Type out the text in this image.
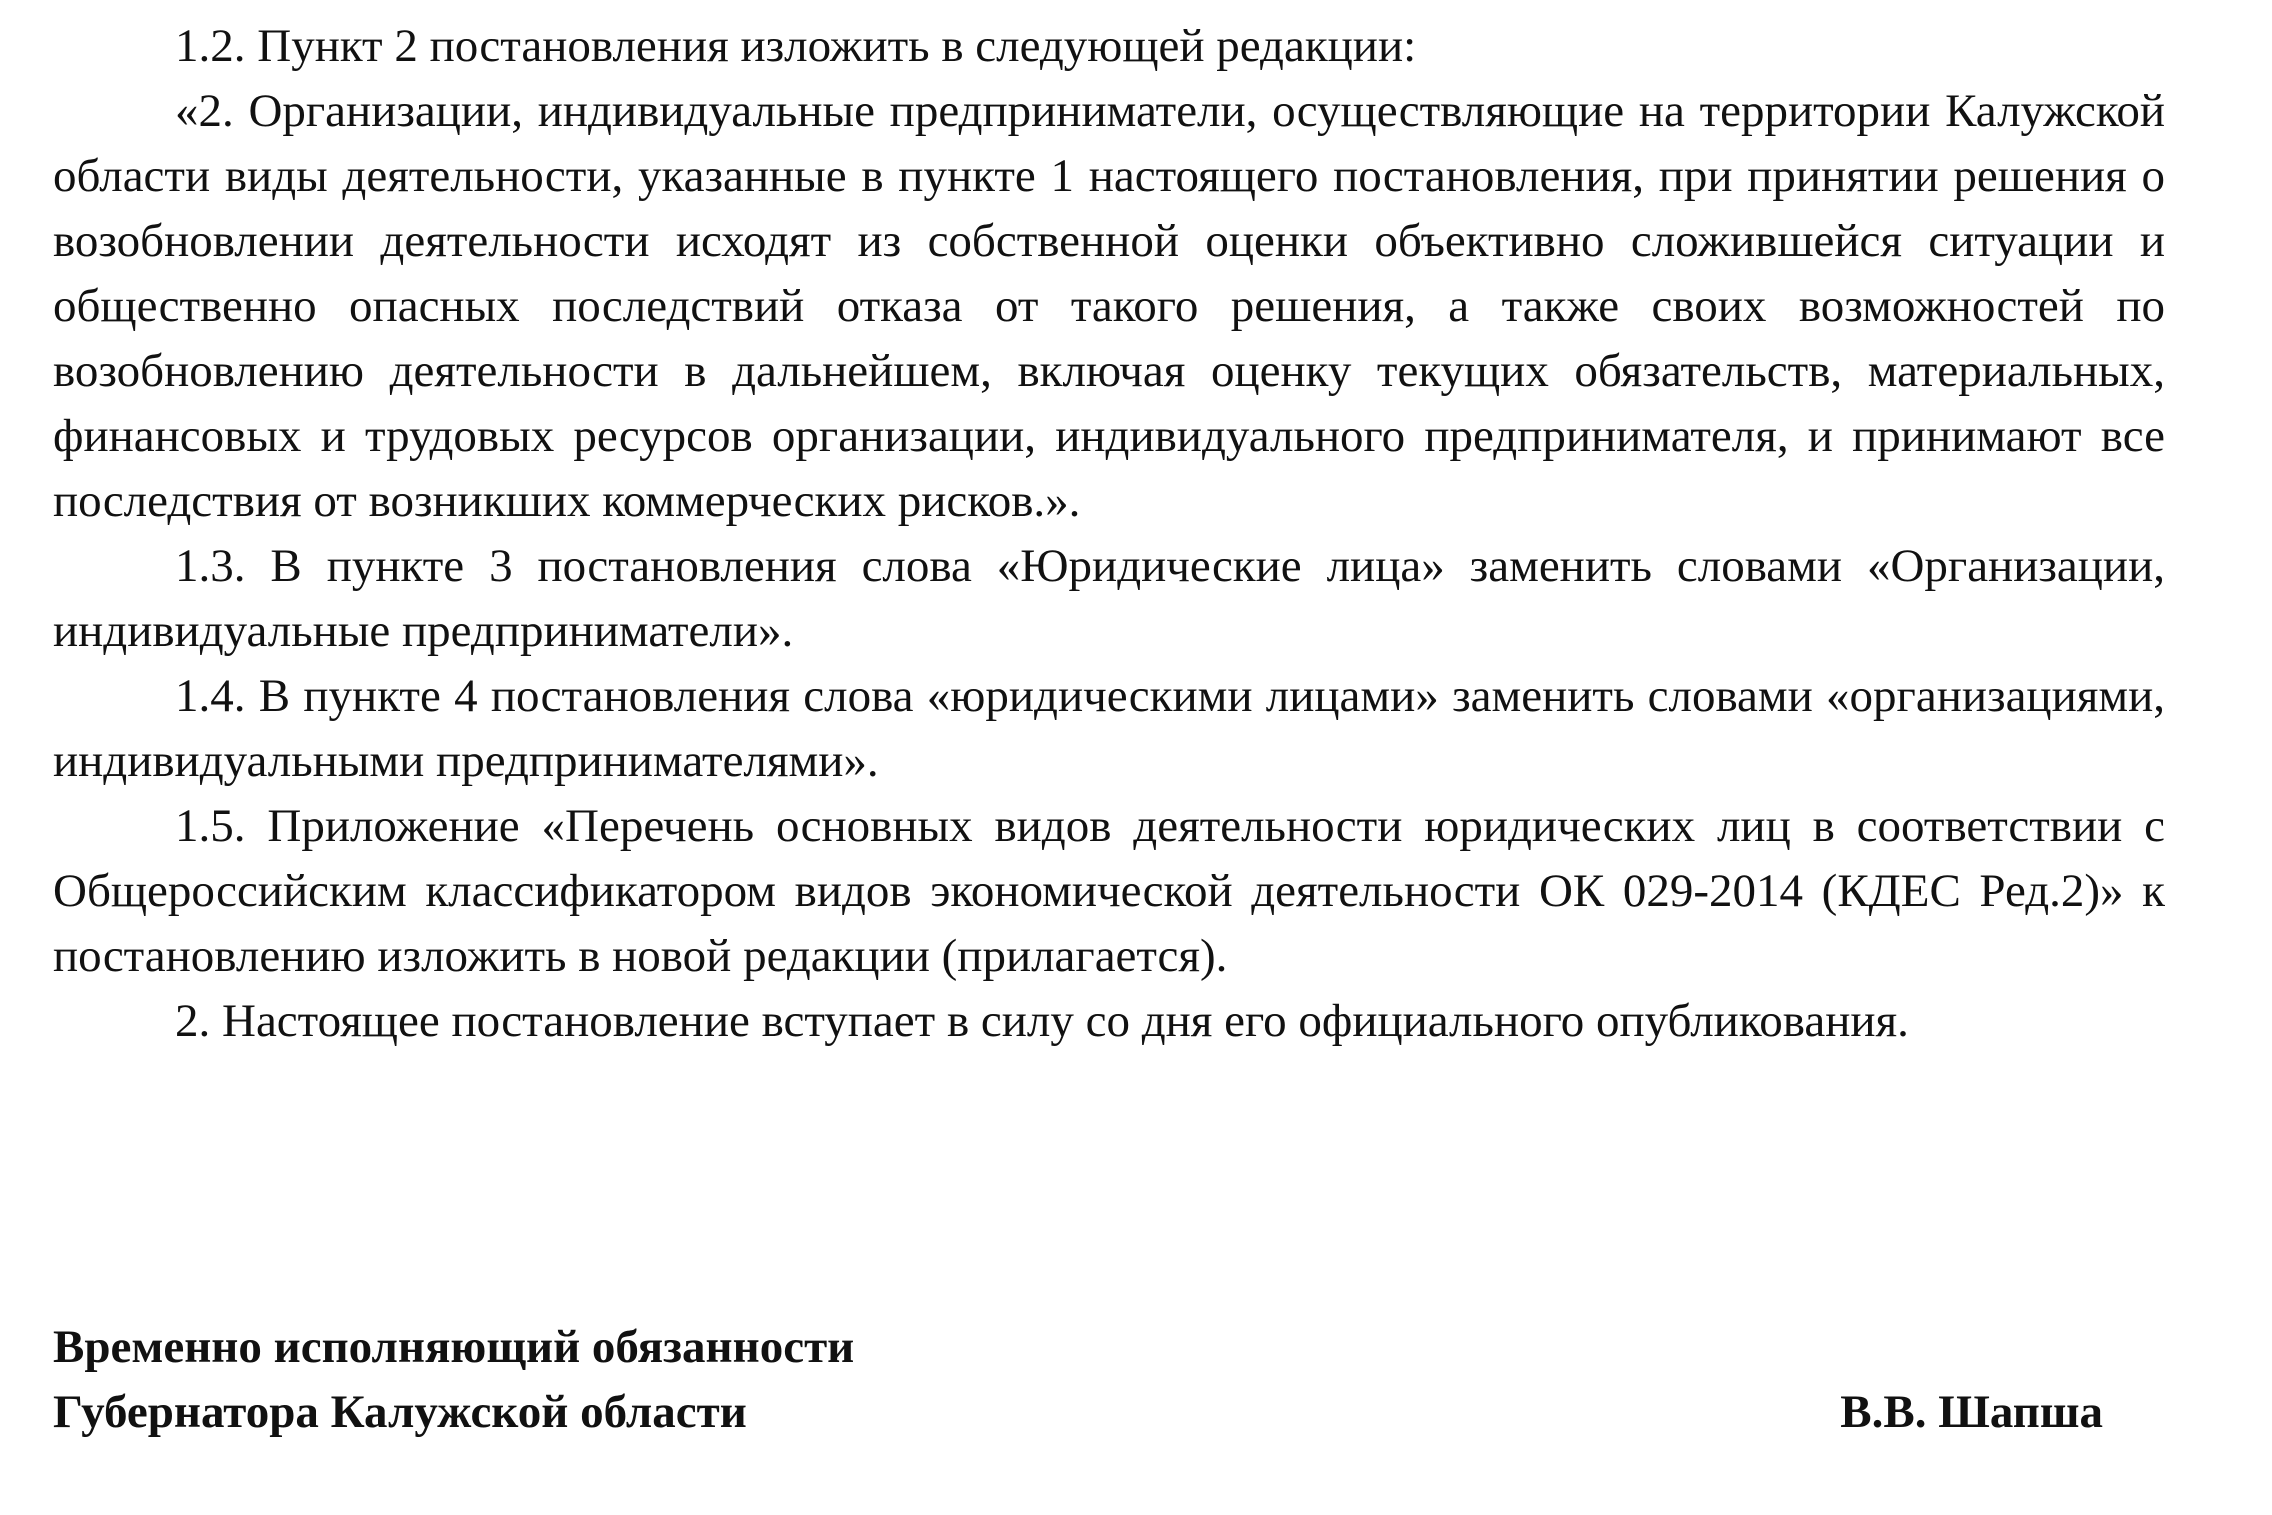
1.2. Пункт 2 постановления изложить в следующей редакции:

«2. Организации, индивидуальные предприниматели, осуществляющие на территории Калужской области виды деятельности, указанные в пункте 1 настоящего постановления, при принятии решения о возобновлении деятельности исходят из собственной оценки объективно сложившейся ситуации и общественно опасных последствий отказа от такого решения, а также своих возможностей по возобновлению деятельности в дальнейшем, включая оценку текущих обязательств, материальных, финансовых и трудовых ресурсов организации, индивидуального предпринимателя, и принимают все последствия от возникших коммерческих рисков.».

1.3. В пункте 3 постановления слова «Юридические лица» заменить словами «Организации, индивидуальные предприниматели».

1.4. В пункте 4 постановления слова «юридическими лицами» заменить словами «организациями, индивидуальными предпринимателями».

1.5. Приложение «Перечень основных видов деятельности юридических лиц в соответствии с Общероссийским классификатором видов экономической деятельности ОК 029-2014 (КДЕС Ред.2)» к постановлению изложить в новой редакции (прилагается).

2. Настоящее постановление вступает в силу со дня его официального опубликования.

Временно исполняющий обязанности
Губернатора Калужской области	В.В. Шапша
